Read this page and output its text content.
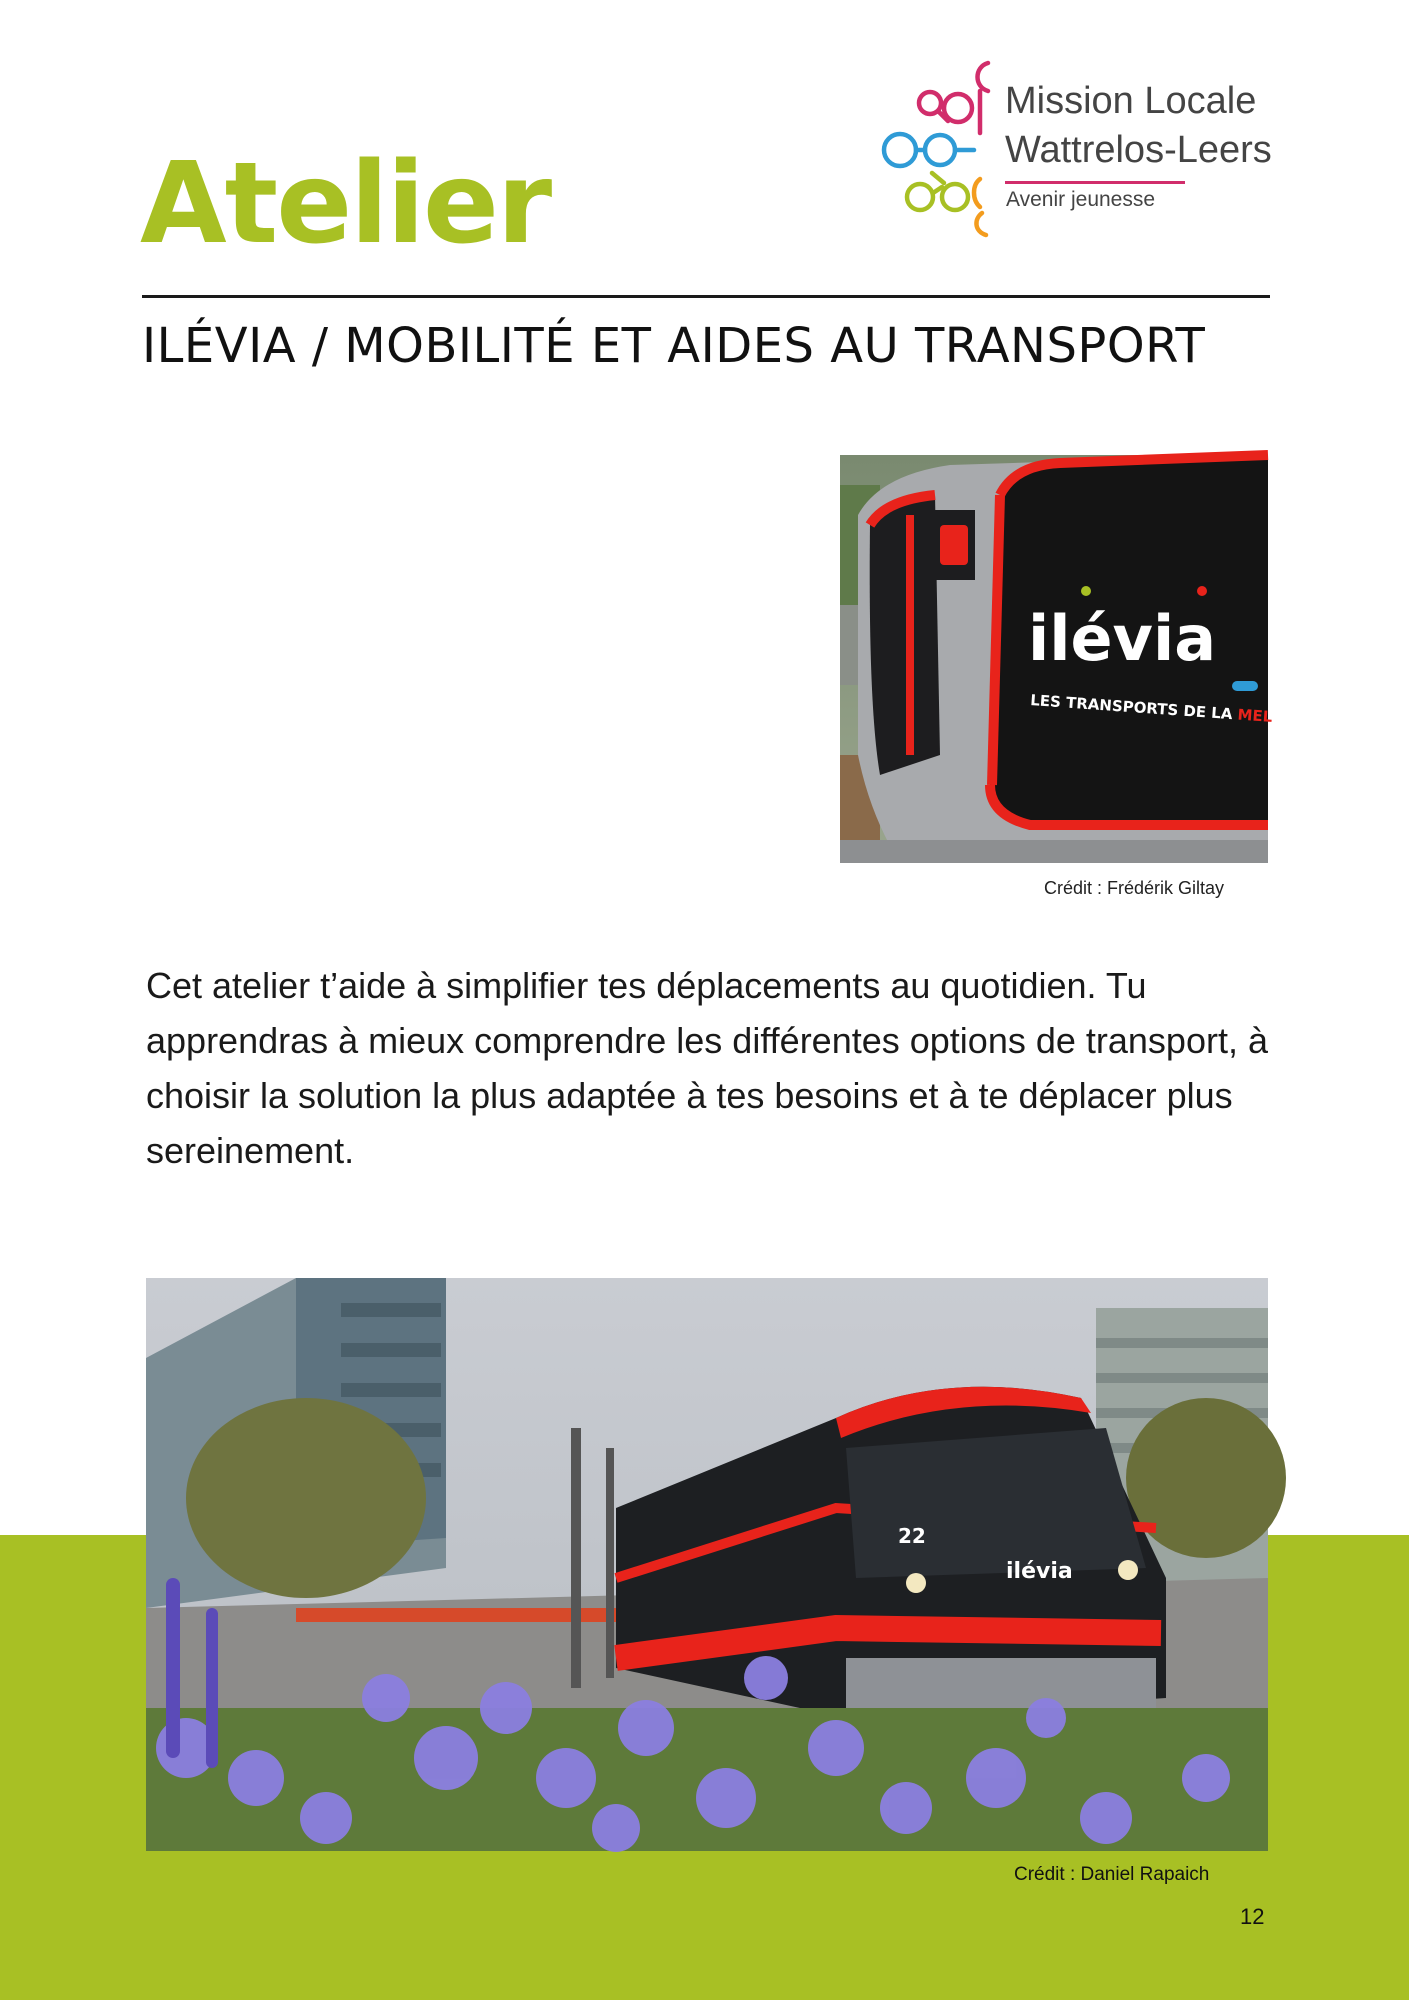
Atelier
Mission Locale
Wattrelos-Leers
Avenir jeunesse
ILÉVIA / MOBILITÉ ET AIDES AU TRANSPORT
ilévia
LES TRANSPORTS DE LA MEL
Crédit : Frédérik Giltay

Cet atelier t’aide à simplifier tes déplacements au quotidien. Tu apprendras à mieux comprendre les différentes options de transport, à choisir la solution la plus adaptée à tes besoins et à te déplacer plus sereinement.

22
ilévia
Crédit : Daniel Rapaich
12
